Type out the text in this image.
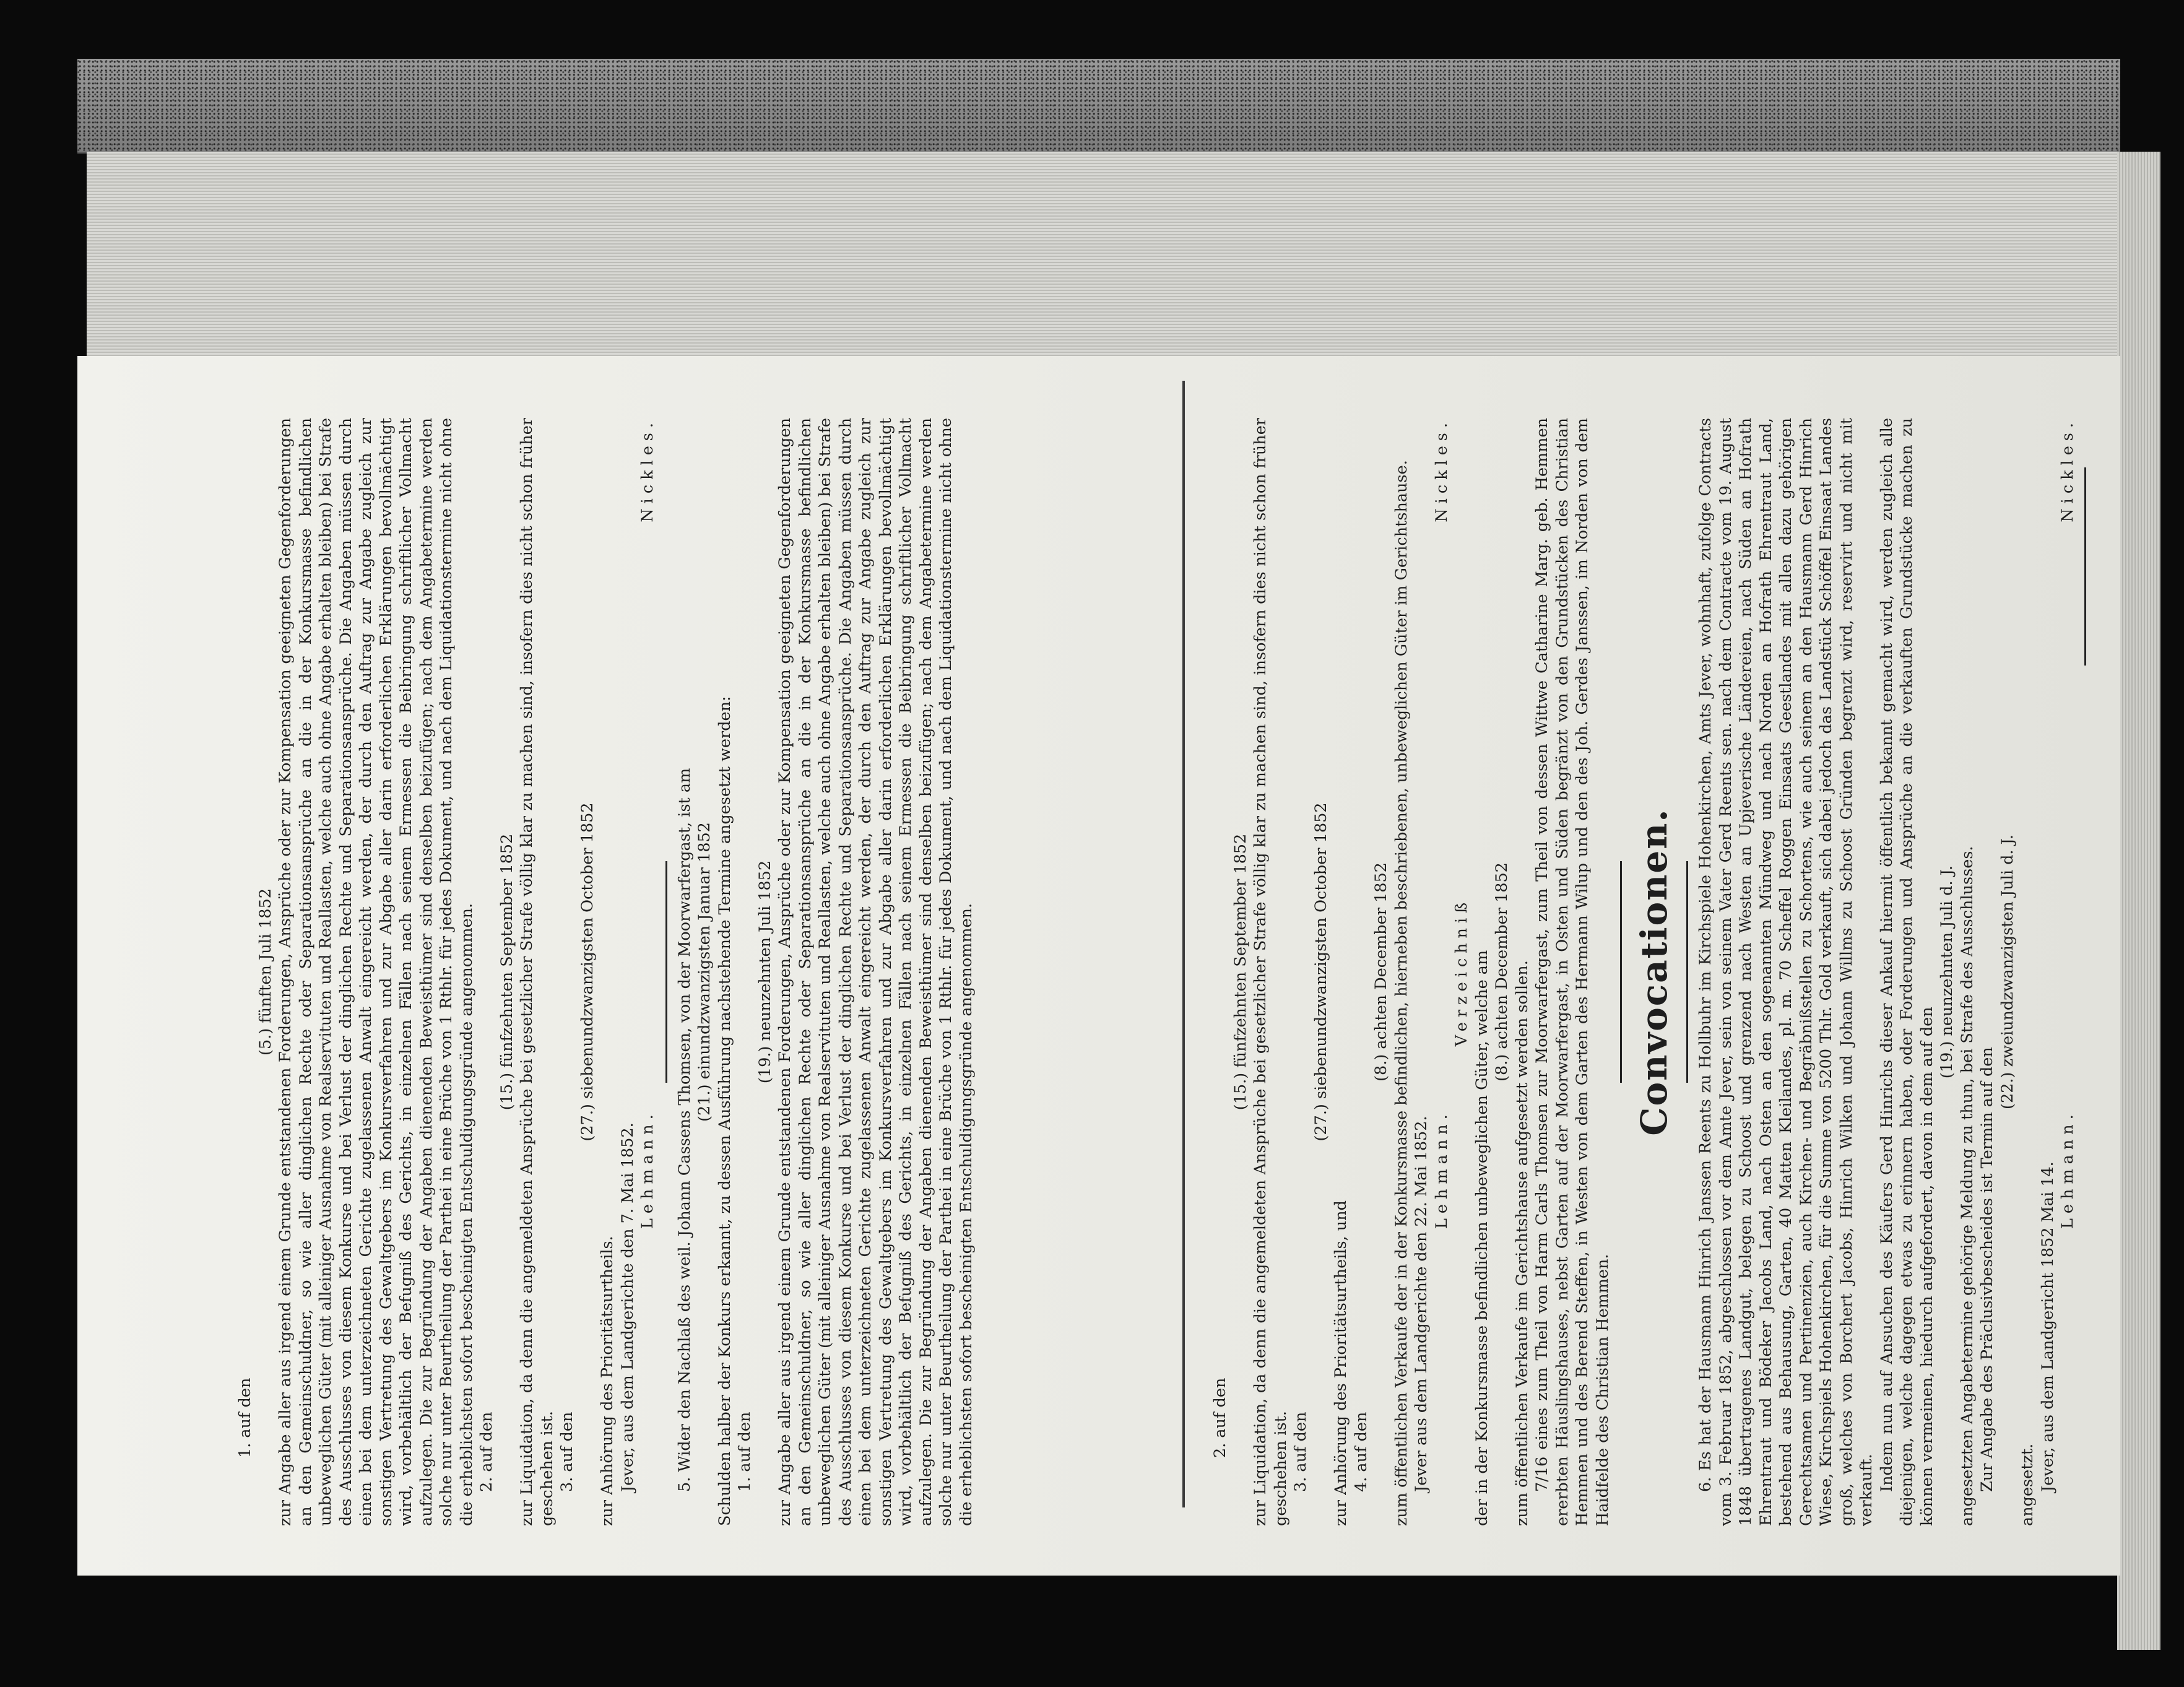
1. auf den

(5.) fünften Juli 1852 zur Angabe aller aus irgend einem Grunde entstandenen Forderungen, Ansprüche oder zur Kompensation geeigneten Gegenforderungen an den Gemeinschuldner, so wie aller dinglichen Rechte oder Separationsansprüche an die in der Konkursmasse befindlichen unbeweglichen Güter (mit alleiniger Ausnahme von Realservituten und Reallasten, welche auch ohne Angabe erhalten bleiben) bei Strafe des Ausschlusses von diesem Konkurse und bei Verlust der dinglichen Rechte und Separationsansprüche. Die Angaben müssen durch einen bei dem unterzeichneten Gerichte zugelassenen Anwalt eingereicht werden, der durch den Auftrag zur Angabe zugleich zur sonstigen Vertretung des Gewaltgebers im Konkursverfahren und zur Abgabe aller darin erforderlichen Erklärungen bevollmächtigt wird, vorbehältlich der Befugniß des Gerichts, in einzelnen Fällen nach seinem Ermessen die Beibringung schriftlicher Vollmacht aufzulegen. Die zur Begründung der Angaben dienenden Beweisthümer sind denselben beizufügen; nach dem Angabetermine werden solche nur unter Beurtheilung der Parthei in eine Brüche von 1 Rthlr. für jedes Dokument, und nach dem Liquidationstermine nicht ohne die erheblichsten sofort bescheinigten Entschuldigungsgründe angenommen. 2. auf den

(15.) fünfzehnten September 1852 zur Liquidation, da denn die angemeldeten Ansprüche bei gesetzlicher Strafe völlig klar zu machen sind, insofern dies nicht schon früher geschehen ist. 3. auf den

(27.) siebenundzwanzigsten October 1852

zur Anhörung des Prioritätsurtheils. Jever, aus dem Landgerichte den 7. Mai 1852. Lehmann.
Nickles.

5. Wider den Nachlaß des weil. Johann Cassens Thomsen, von der Moorwarfergast, ist am (21.) einundzwanzigsten Januar 1852 Schulden halber der Konkurs erkannt, zu dessen Ausführung nachstehende Termine angesetzt werden: 1. auf den

(19.) neunzehnten Juli 1852 zur Angabe aller aus irgend einem Grunde entstandenen Forderungen, Ansprüche oder zur Kompensation geeigneten Gegenforderungen an den Gemeinschuldner, so wie aller dinglichen Rechte oder Separationsansprüche an die in der Konkursmasse befindlichen unbeweglichen Güter (mit alleiniger Ausnahme von Realservituten und Reallasten, welche auch ohne Angabe erhalten bleiben) bei Strafe des Ausschlusses von diesem Konkurse und bei Verlust der dinglichen Rechte und Separationsansprüche. Die Angaben müssen durch einen bei dem unterzeichneten Gerichte zugelassenen Anwalt eingereicht werden, der durch den Auftrag zur Angabe zugleich zur sonstigen Vertretung des Gewaltgebers im Konkursverfahren und zur Abgabe aller darin erforderlichen Erklärungen bevollmächtigt wird, vorbehältlich der Befugniß des Gerichts, in einzelnen Fällen nach seinem Ermessen die Beibringung schriftlicher Vollmacht aufzulegen. Die zur Begründung der Angaben dienenden Beweisthümer sind denselben beizufügen; nach dem Angabetermine werden solche nur unter Beurtheilung der Parthei in eine Brüche von 1 Rthlr. für jedes Dokument, und nach dem Liquidationstermine nicht ohne die erheblichsten sofort bescheinigten Entschuldigungsgründe angenommen.	2. auf den

(15.) fünfzehnten September 1852 zur Liquidation, da denn die angemeldeten Ansprüche bei gesetzlicher Strafe völlig klar zu machen sind, insofern dies nicht schon früher geschehen ist. 3. auf den

(27.) siebenundzwanzigsten October 1852

zur Anhörung des Prioritätsurtheils, und 4. auf den

(8.) achten December 1852 zum öffentlichen Verkaufe der in der Konkursmasse befindlichen, hierneben beschriebenen, unbeweglichen Güter im Gerichtshause. Jever aus dem Landgerichte den 22. Mai 1852. Lehmann.
Nickles.

Verzeichniß der in der Konkursmasse befindlichen unbeweglichen Güter, welche am (8.) achten December 1852 zum öffentlichen Verkaufe im Gerichtshause aufgesetzt werden sollen. 7/16 eines zum Theil von Harm Carls Thomsen zur Moorwarfergast, zum Theil von dessen Wittwe Catharine Marg. geb. Hemmen ererbten Häuslingshauses, nebst Garten auf der Moorwarfergast, in Osten und Süden begränzt von den Grundstücken des Christian Hemmen und des Berend Steffen, in Westen von dem Garten des Hermann Wilup und den des Joh. Gerdes Janssen, im Norden von dem Haidfelde des Christian Hemmen.

Convocationen. 6. Es hat der Hausmann Hinrich Janssen Reents zu Hollbuhr im Kirchspiele Hohenkirchen, Amts Jever, wohnhaft, zufolge Contracts vom 3. Februar 1852, abgeschlossen vor dem Amte Jever, sein von seinem Vater Gerd Reents sen. nach dem Contracte vom 19. August 1848 übertragenes Landgut, belegen zu Schoost und grenzend nach Westen an Upjeverische Ländereien, nach Süden an Hofrath Ehrentraut und Bödeker Jacobs Land, nach Osten an den sogenannten Mündweg und nach Norden an Hofrath Ehrentraut Land, bestehend aus Behausung, Garten, 40 Matten Kleilandes, pl. m. 70 Scheffel Roggen Einsaats Geestlandes mit allen dazu gehörigen Gerechtsamen und Pertinenzien, auch Kirchen- und Begräbnißstellen zu Schortens, wie auch seinem an den Hausmann Gerd Hinrich Wiese, Kirchspiels Hohenkirchen, für die Summe von 5200 Thlr. Gold verkauft, sich dabei jedoch das Landstück Schöffel Einsaat Landes groß, welches von Borchert Jacobs, Hinrich Wilken und Johann Willms zu Schoost Gründen begrenzt wird, reservirt und nicht mit verkauft. Indem nun auf Ansuchen des Käufers Gerd Hinrichs dieser Ankauf hiermit öffentlich bekannt gemacht wird, werden zugleich alle diejenigen, welche dagegen etwas zu erinnern haben, oder Forderungen und Ansprüche an die verkauften Grundstücke machen zu können vermeinen, hiedurch aufgefordert, davon in dem auf den

(19.) neunzehnten Juli d. J. angesetzten Angabetermine gehörige Meldung zu thun, bei Strafe des Ausschlusses. Zur Angabe des Präclusivbescheides ist Termin auf den

(22.) zweiundzwanzigsten Juli d. J.

angesetzt. Jever, aus dem Landgericht 1852 Mai 14. Lehmann.
Nickles.
